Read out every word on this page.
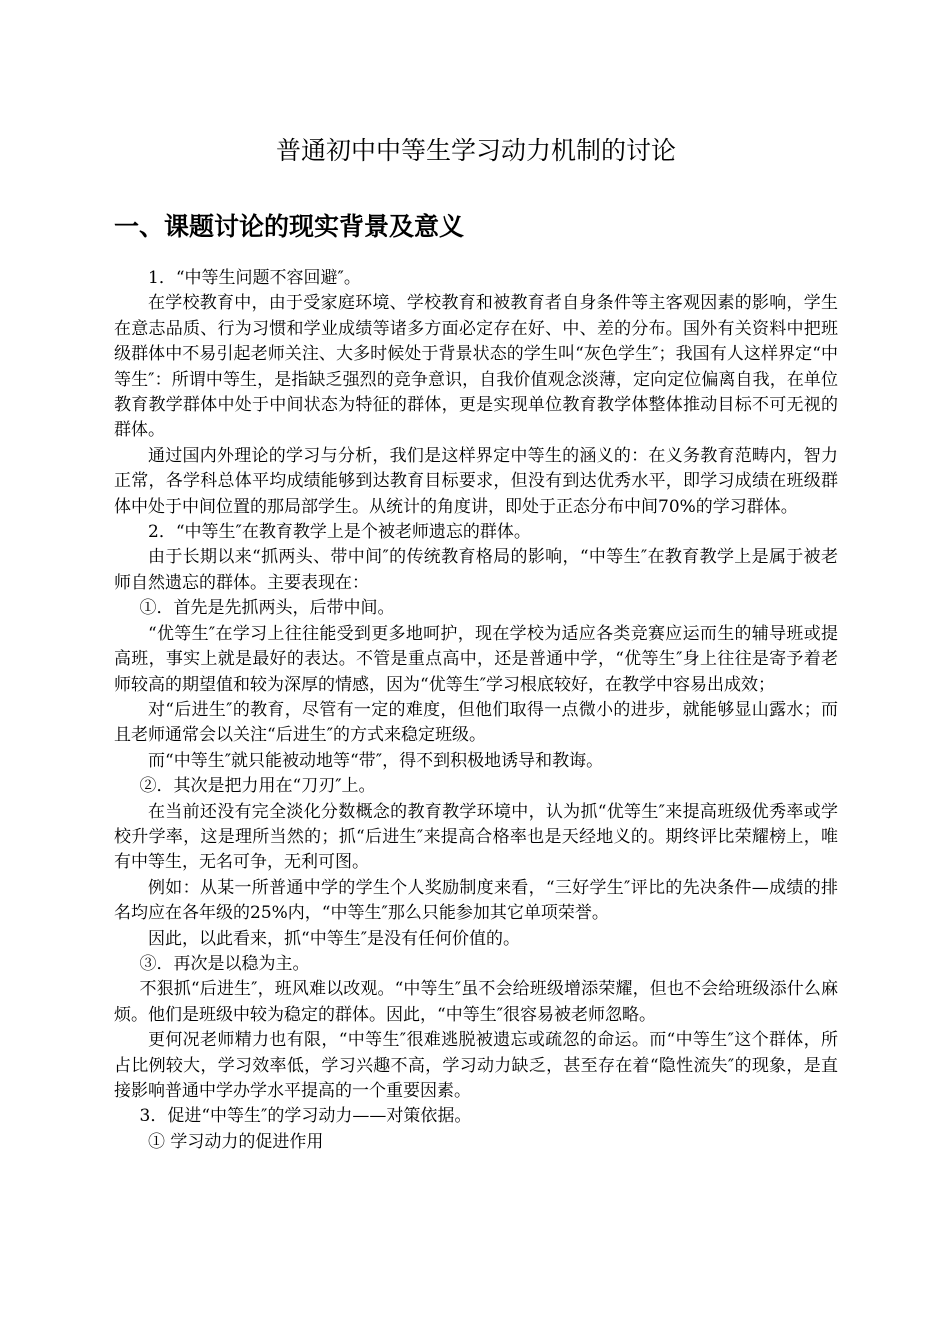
普通初中中等生学习动力机制的讨论
一、课题讨论的现实背景及意义

1．“中等生问题不容回避″。

在学校教育中，由于受家庭环境、学校教育和被教育者自身条件等主客观因素的影响，学生在意志品质、行为习惯和学业成绩等诸多方面必定存在好、中、差的分布。国外有关资料中把班级群体中不易引起老师关注、大多时候处于背景状态的学生叫“灰色学生″；我国有人这样界定“中等生″：所谓中等生，是指缺乏强烈的竞争意识，自我价值观念淡薄，定向定位偏离自我，在单位教育教学群体中处于中间状态为特征的群体，更是实现单位教育教学体整体推动目标不可无视的群体。

通过国内外理论的学习与分析，我们是这样界定中等生的涵义的：在义务教育范畴内，智力正常，各学科总体平均成绩能够到达教育目标要求，但没有到达优秀水平，即学习成绩在班级群体中处于中间位置的那局部学生。从统计的角度讲，即处于正态分布中间70%的学习群体。

2．“中等生″在教育教学上是个被老师遗忘的群体。

由于长期以来“抓两头、带中间″的传统教育格局的影响，“中等生″在教育教学上是属于被老师自然遗忘的群体。主要表现在：

①．首先是先抓两头，后带中间。

“优等生″在学习上往往能受到更多地呵护，现在学校为适应各类竞赛应运而生的辅导班或提高班，事实上就是最好的表达。不管是重点高中，还是普通中学，“优等生″身上往往是寄予着老师较高的期望值和较为深厚的情感，因为“优等生″学习根底较好，在教学中容易出成效；

对“后进生″的教育，尽管有一定的难度，但他们取得一点微小的进步，就能够显山露水；而且老师通常会以关注“后进生″的方式来稳定班级。

而“中等生″就只能被动地等“带″，得不到积极地诱导和教诲。

②．其次是把力用在“刀刃″上。

在当前还没有完全淡化分数概念的教育教学环境中，认为抓“优等生″来提高班级优秀率或学校升学率，这是理所当然的；抓“后进生″来提高合格率也是天经地义的。期终评比荣耀榜上，唯有中等生，无名可争，无利可图。

例如：从某一所普通中学的学生个人奖励制度来看，“三好学生″评比的先决条件—成绩的排名均应在各年级的25%内，“中等生″那么只能参加其它单项荣誉。

因此，以此看来，抓“中等生″是没有任何价值的。

③．再次是以稳为主。

不狠抓“后进生″，班风难以改观。“中等生″虽不会给班级增添荣耀，但也不会给班级添什么麻烦。他们是班级中较为稳定的群体。因此，“中等生″很容易被老师忽略。

更何况老师精力也有限，“中等生″很难逃脱被遗忘或疏忽的命运。而“中等生″这个群体，所占比例较大，学习效率低，学习兴趣不高，学习动力缺乏，甚至存在着“隐性流失″的现象，是直接影响普通中学办学水平提高的一个重要因素。

3．促进“中等生″的学习动力——对策依据。

① 学习动力的促进作用
